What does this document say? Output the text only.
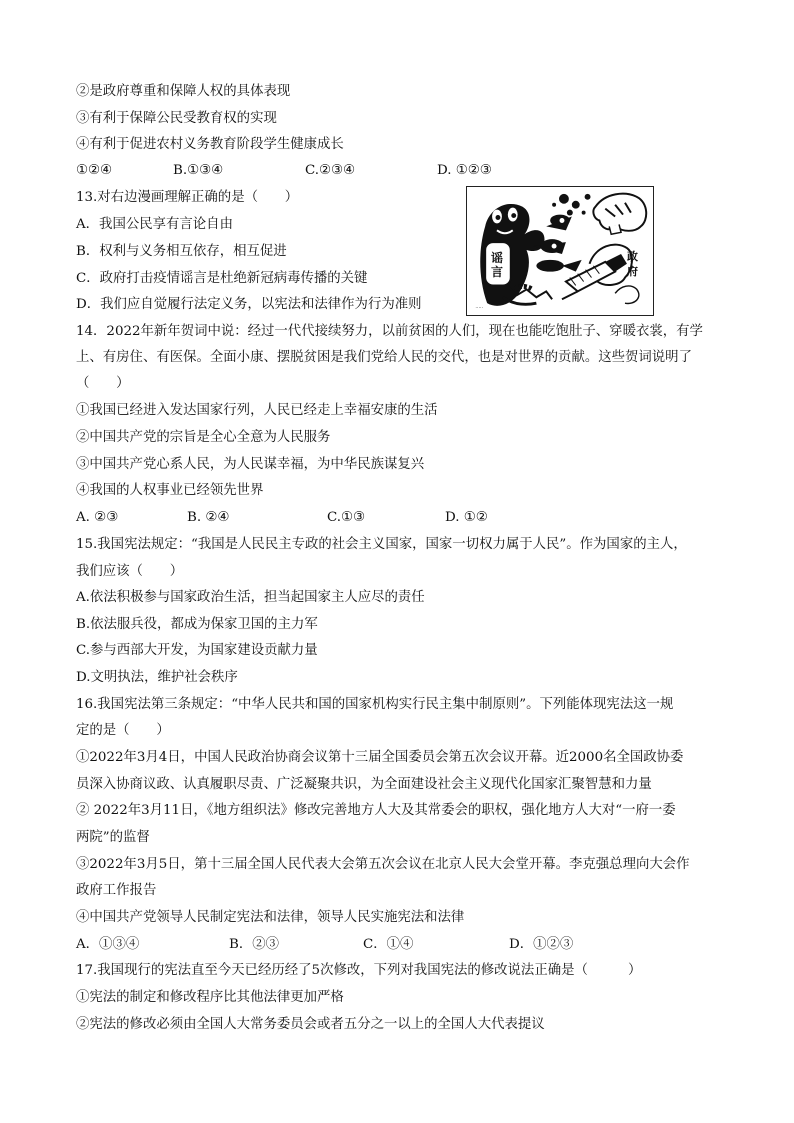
②是政府尊重和保障人权的具体表现
③有利于保障公民受教育权的实现
④有利于促进农村义务教育阶段学生健康成长
①②④	B.①③④	C.②③④	D. ①②③
13.对右边漫画理解正确的是（　　）
A．我国公民享有言论自由
B．权利与义务相互依存，相互促进
C．政府打击疫情谣言是杜绝新冠病毒传播的关键
D．我们应自觉履行法定义务，以宪法和法律作为行为准则	·····
谣言
政
府
14．2022年新年贺词中说：经过一代代接续努力，以前贫困的人们，现在也能吃饱肚子、穿暖衣裳，有学
上、有房住、有医保。全面小康、摆脱贫困是我们党给人民的交代，也是对世界的贡献。这些贺词说明了
（　　）
①我国已经进入发达国家行列，人民已经走上幸福安康的生活
②中国共产党的宗旨是全心全意为人民服务
③中国共产党心系人民，为人民谋幸福，为中华民族谋复兴
④我国的人权事业已经领先世界
A. ②③	B. ②④	C.①③	D. ①②
15.我国宪法规定：“我国是人民民主专政的社会主义国家，国家一切权力属于人民”。作为国家的主人，
我们应该（　　）
A.依法积极参与国家政治生活，担当起国家主人应尽的责任
B.依法服兵役，都成为保家卫国的主力军
C.参与西部大开发，为国家建设贡献力量
D.文明执法，维护社会秩序
16.我国宪法第三条规定：“中华人民共和国的国家机构实行民主集中制原则”。下列能体现宪法这一规
定的是（　　）
①2022年3月4日，中国人民政治协商会议第十三届全国委员会第五次会议开幕。近2000名全国政协委
员深入协商议政、认真履职尽责、广泛凝聚共识，为全面建设社会主义现代化国家汇聚智慧和力量
② 2022年3月11日，《地方组织法》修改完善地方人大及其常委会的职权，强化地方人大对“一府一委
两院”的监督
③2022年3月5日，第十三届全国人民代表大会第五次会议在北京人民大会堂开幕。李克强总理向大会作
政府工作报告
④中国共产党领导人民制定宪法和法律，领导人民实施宪法和法律
A．①③④	B．②③	C．①④	D．①②③
17.我国现行的宪法直至今天已经历经了5次修改，下列对我国宪法的修改说法正确是（　　　）
①宪法的制定和修改程序比其他法律更加严格
②宪法的修改必须由全国人大常务委员会或者五分之一以上的全国人大代表提议
